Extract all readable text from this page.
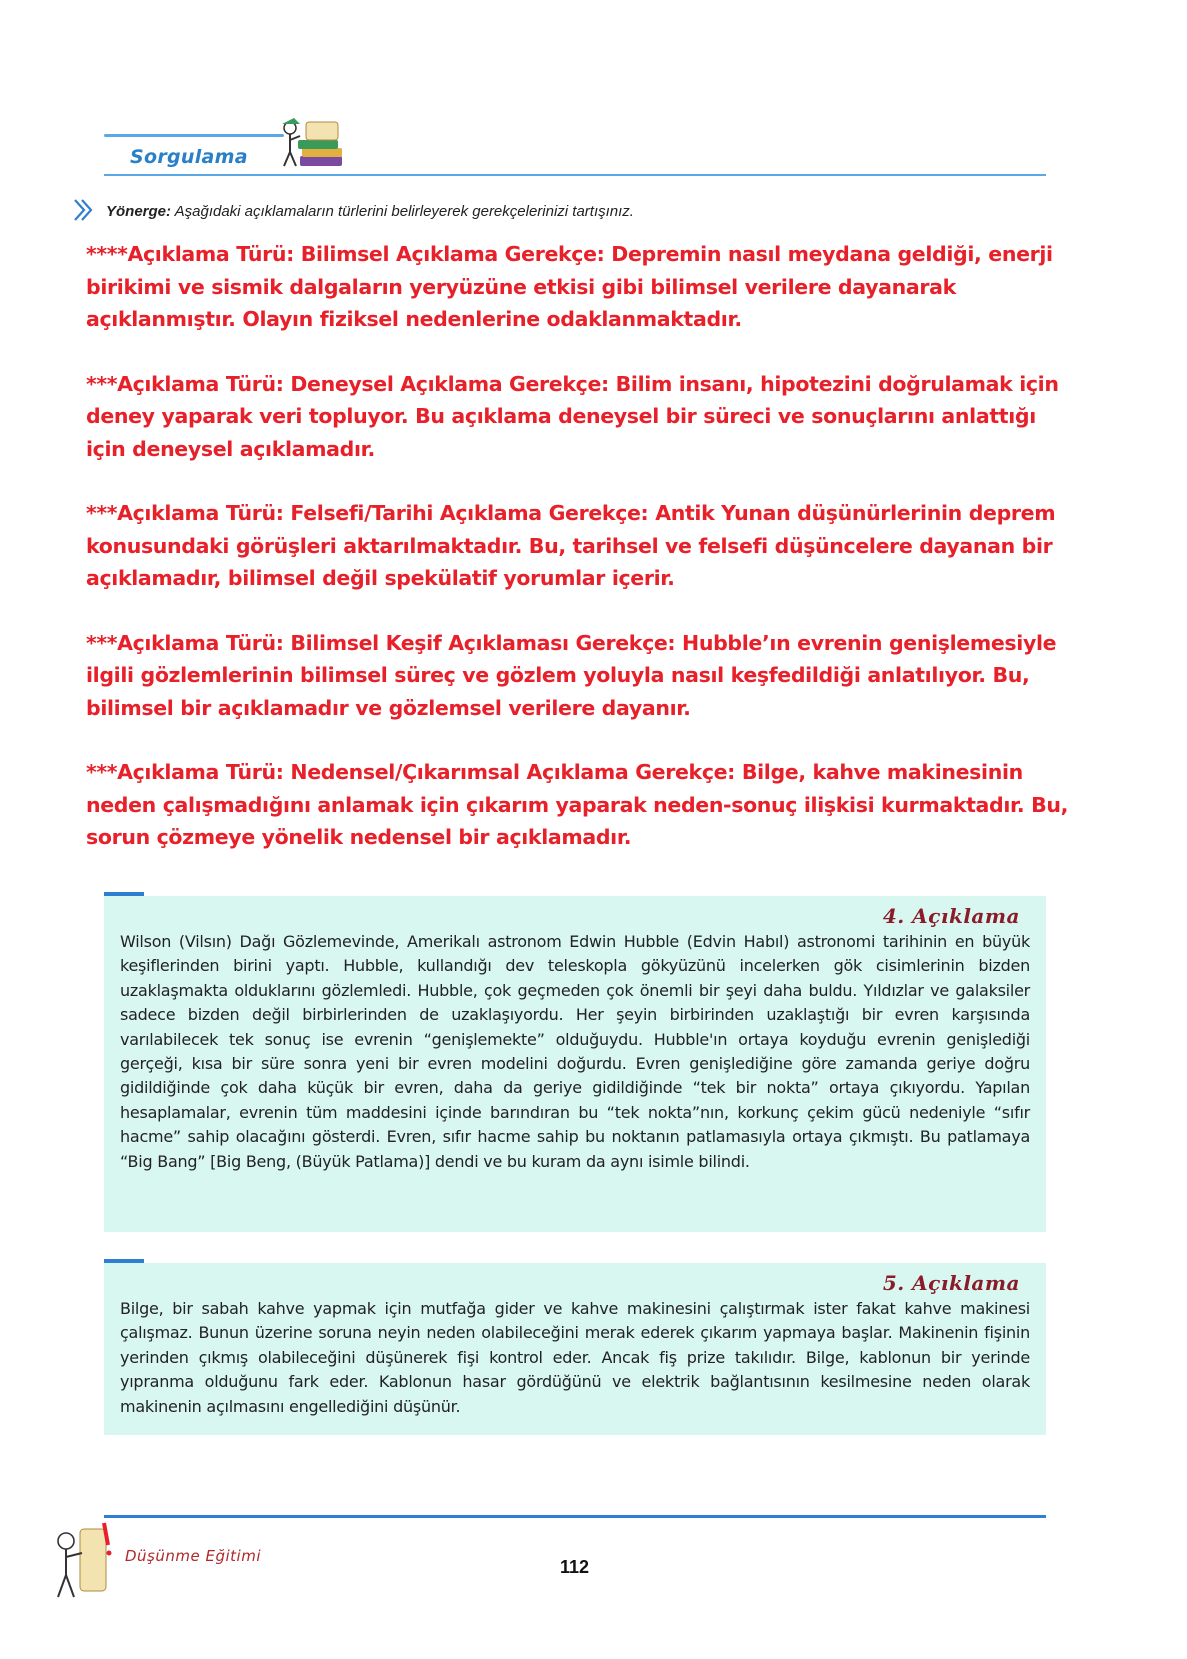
Sorgulama
Yönerge: Aşağıdaki açıklamaların türlerini belirleyerek gerekçelerinizi tartışınız.

****Açıklama Türü: Bilimsel Açıklama Gerekçe: Depremin nasıl meydana geldiği, enerji birikimi ve sismik dalgaların yeryüzüne etkisi gibi bilimsel verilere dayanarak açıklanmıştır. Olayın fiziksel nedenlerine odaklanmaktadır.

***Açıklama Türü: Deneysel Açıklama Gerekçe: Bilim insanı, hipotezini doğrulamak için deney yaparak veri topluyor. Bu açıklama deneysel bir süreci ve sonuçlarını anlattığı için deneysel açıklamadır.

***Açıklama Türü: Felsefi/Tarihi Açıklama Gerekçe: Antik Yunan düşünürlerinin deprem konusundaki görüşleri aktarılmaktadır. Bu, tarihsel ve felsefi düşüncelere dayanan bir açıklamadır, bilimsel değil spekülatif yorumlar içerir.

***Açıklama Türü: Bilimsel Keşif Açıklaması Gerekçe: Hubble’ın evrenin genişlemesiyle ilgili gözlemlerinin bilimsel süreç ve gözlem yoluyla nasıl keşfedildiği anlatılıyor. Bu, bilimsel bir açıklamadır ve gözlemsel verilere dayanır.

***Açıklama Türü: Nedensel/Çıkarımsal Açıklama Gerekçe: Bilge, kahve makinesinin neden çalışmadığını anlamak için çıkarım yaparak neden-sonuç ilişkisi kurmaktadır. Bu, sorun çözmeye yönelik nedensel bir açıklamadır.

4. Açıklama
Wilson (Vilsın) Dağı Gözlemevinde, Amerikalı astronom Edwin Hubble (Edvin Habıl) astronomi tarihinin en büyük keşiflerinden birini yaptı. Hubble, kullandığı dev teleskopla gökyüzünü incelerken gök cisimlerinin bizden uzaklaşmakta olduklarını gözlemledi. Hubble, çok geçmeden çok önemli bir şeyi daha buldu. Yıldızlar ve galaksiler sadece bizden değil birbirlerinden de uzaklaşıyordu. Her şeyin birbirinden uzaklaştığı bir evren karşısında varılabilecek tek sonuç ise evrenin “genişlemekte” olduğuydu. Hubble'ın ortaya koyduğu evrenin genişlediği gerçeği, kısa bir süre sonra yeni bir evren modelini doğurdu. Evren genişlediğine göre zamanda geriye doğru gidildiğinde çok daha küçük bir evren, daha da geriye gidildiğinde “tek bir nokta” ortaya çıkıyordu. Yapılan hesaplamalar, evrenin tüm maddesini içinde barındıran bu “tek nokta”nın, korkunç çekim gücü nedeniyle “sıfır hacme” sahip olacağını gösterdi. Evren, sıfır hacme sahip bu noktanın patlamasıyla ortaya çıkmıştı. Bu patlamaya “Big Bang” [Big Beng, (Büyük Patlama)] dendi ve bu kuram da aynı isimle bilindi.
5. Açıklama
Bilge, bir sabah kahve yapmak için mutfağa gider ve kahve makinesini çalıştırmak ister fakat kahve makinesi çalışmaz. Bunun üzerine soruna neyin neden olabileceğini merak ederek çıkarım yapmaya başlar. Makinenin fişinin yerinden çıkmış olabileceğini düşünerek fişi kontrol eder. Ancak fiş prize takılıdır. Bilge, kablonun bir yerinde yıpranma olduğunu fark eder. Kablonun hasar gördüğünü ve elektrik bağlantısının kesilmesine neden olarak makinenin açılmasını engellediğini düşünür.
Düşünme Eğitimi
112
